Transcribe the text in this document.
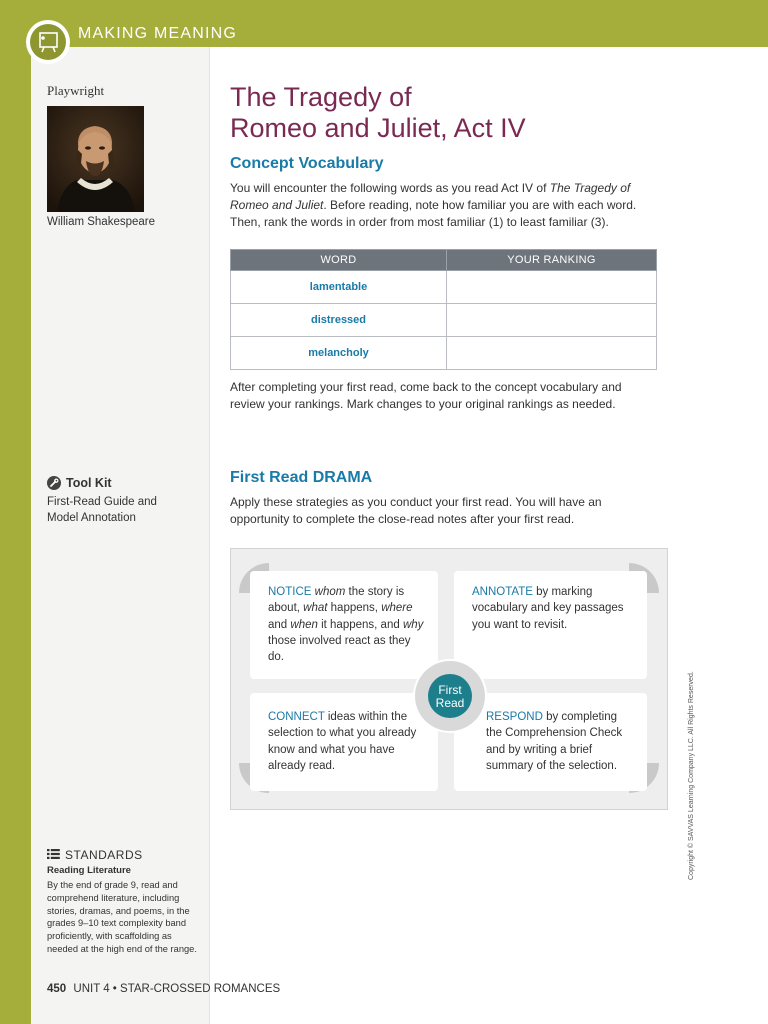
MAKING MEANING
Playwright
William Shakespeare
Tool Kit
First-Read Guide and
Model Annotation
STANDARDS
Reading Literature
By the end of grade 9, read and
comprehend literature, including
stories, dramas, and poems, in the
grades 9–10 text complexity band
proficiently, with scaffolding as
needed at the high end of the range.
450 UNIT 4 • STAR-CROSSED ROMANCES
The Tragedy of
Romeo and Juliet, Act IV
Concept Vocabulary
You will encounter the following words as you read Act IV of The Tragedy of Romeo and Juliet. Before reading, note how familiar you are with each word. Then, rank the words in order from most familiar (1) to least familiar (3).
WORD	YOUR RANKING
lamentable	
distressed	
melancholy	
After completing your first read, come back to the concept vocabulary and review your rankings. Mark changes to your original rankings as needed.
First Read DRAMA
Apply these strategies as you conduct your first read. You will have an opportunity to complete the close-read notes after your first read.
NOTICE whom the story is about, what happens, where and when it happens, and why those involved react as they do.
ANNOTATE by marking vocabulary and key passages you want to revisit.
CONNECT ideas within the selection to what you already know and what you have already read.
RESPOND by completing the Comprehension Check and by writing a brief summary of the selection.
First
Read	Copyright © SAVVAS Learning Company LLC. All Rights Reserved.
